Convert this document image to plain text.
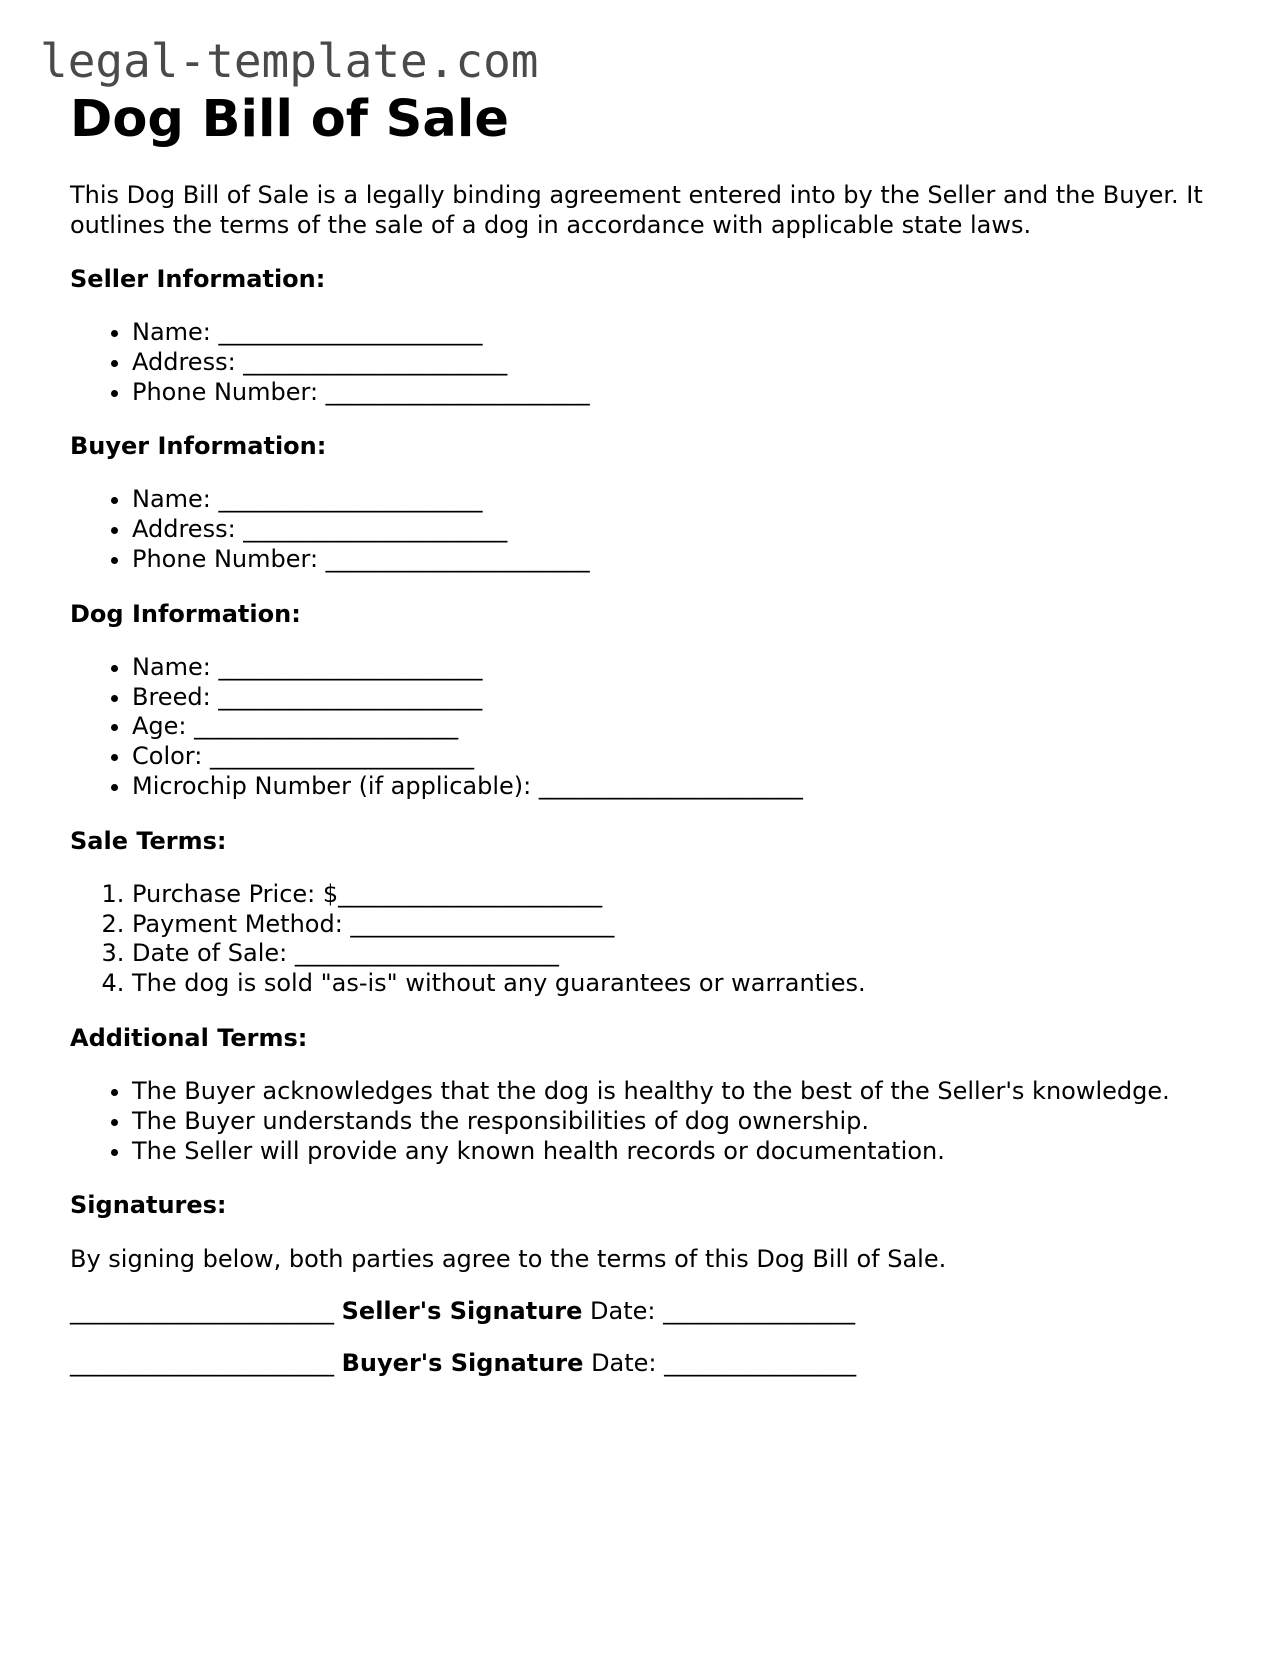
legal-template.com
Dog Bill of Sale

This Dog Bill of Sale is a legally binding agreement entered into by the Seller and the Buyer. It outlines the terms of the sale of a dog in accordance with applicable state laws.

Seller Information:
• Name: ______________________
• Address: ______________________
• Phone Number: ______________________
Buyer Information:
• Name: ______________________
• Address: ______________________
• Phone Number: ______________________
Dog Information:
• Name: ______________________
• Breed: ______________________
• Age: ______________________
• Color: ______________________
• Microchip Number (if applicable): ______________________
Sale Terms:
1. Purchase Price: $______________________
2. Payment Method: ______________________
3. Date of Sale: ______________________
4. The dog is sold "as-is" without any guarantees or warranties.
Additional Terms:
• The Buyer acknowledges that the dog is healthy to the best of the Seller's knowledge.
• The Buyer understands the responsibilities of dog ownership.
• The Seller will provide any known health records or documentation.
Signatures:

By signing below, both parties agree to the terms of this Dog Bill of Sale.

______________________ Seller's Signature Date: ________________
______________________ Buyer's Signature Date: ________________
